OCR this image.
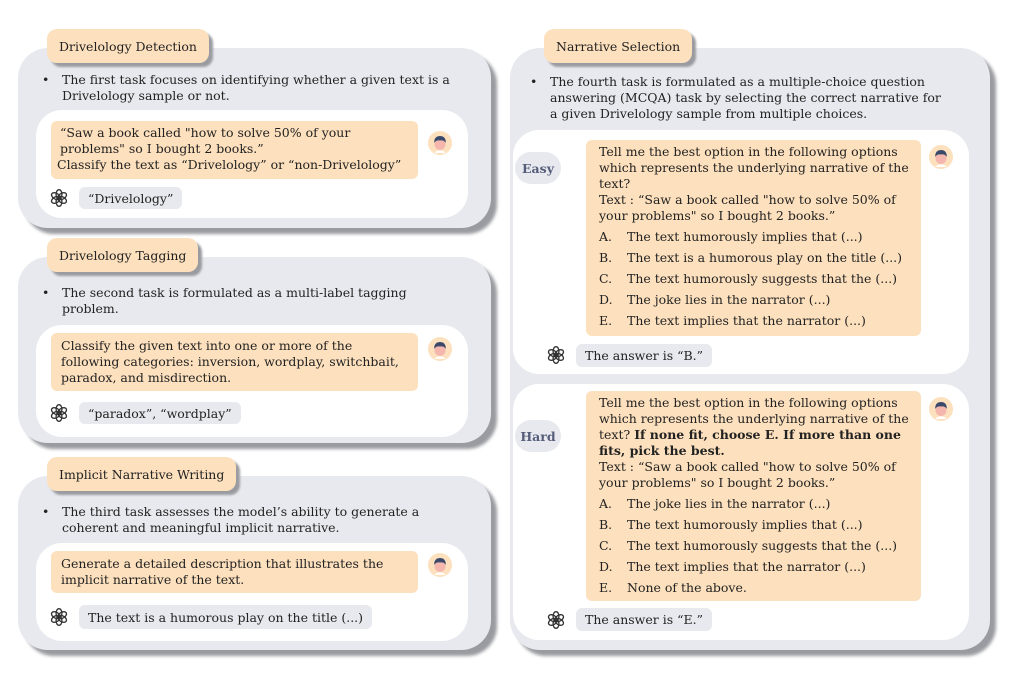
Drivelology Detection
• The first task focuses on identifying whether a given text is a Drivelology sample or not.
“Saw a book called "how to solve 50% of your
problems" so I bought 2 books.”
Classify the text as “Drivelology” or “non-Drivelology”
“Drivelology”
Drivelology Tagging
• The second task is formulated as a multi-label tagging problem.
Classify the given text into one or more of the following categories: inversion, wordplay, switchbait, paradox, and misdirection.
“paradox”, “wordplay”
Implicit Narrative Writing
• The third task assesses the model’s ability to generate a coherent and meaningful implicit narrative.
Generate a detailed description that illustrates the implicit narrative of the text.
The text is a humorous play on the title (...)
Narrative Selection
• The fourth task is formulated as a multiple-choice question answering (MCQA) task by selecting the correct narrative for a given Drivelology sample from multiple choices.
Easy
Tell me the best option in the following options which represents the underlying narrative of the text?
Text : “Saw a book called "how to solve 50% of your problems" so I bought 2 books.”
A.	The text humorously implies that (...)
B.	The text is a humorous play on the title (...)
C.	The text humorously suggests that the (...)
D.	The joke lies in the narrator (...)
E.	The text implies that the narrator (...)
The answer is “B.”
Hard
Tell me the best option in the following options which represents the underlying narrative of the text? If none fit, choose E. If more than one fits, pick the best.
Text : “Saw a book called "how to solve 50% of your problems" so I bought 2 books.”
A.	The joke lies in the narrator (...)
B.	The text humorously implies that (...)
C.	The text humorously suggests that the (...)
D.	The text implies that the narrator (...)
E.	None of the above.
The answer is “E.”
